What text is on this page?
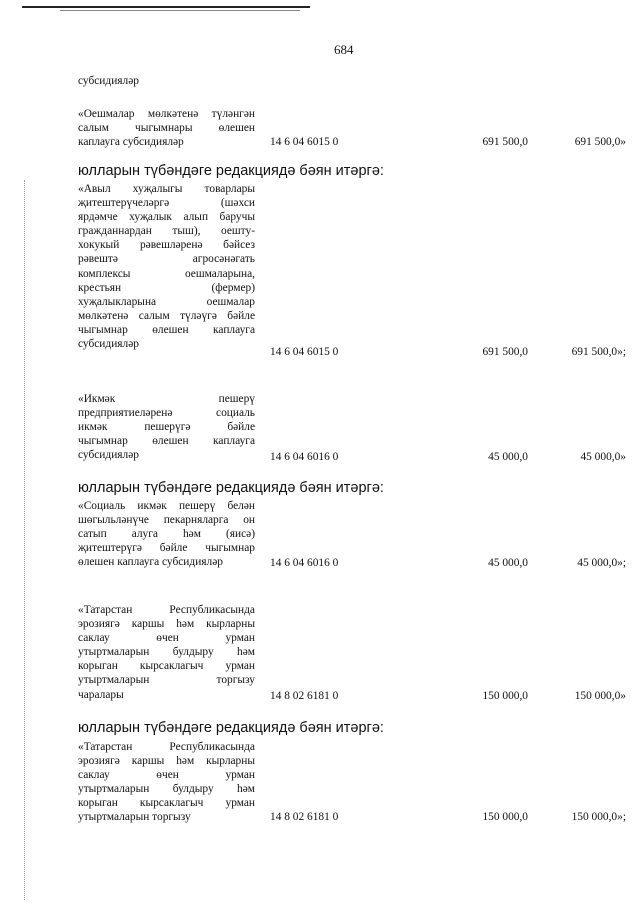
684
субсидияләр
«Оешмалар мөлкәтенә түләнгән
салым чыгымнары өлешен
каплауга субсидияләр	14 6 04 6015 0	691 500,0	691 500,0»
юлларын түбәндәге редакциядә бәян итәргә:
«Авыл хуҗалыгы товарлары
җитештерүчеләргә (шәхси
ярдәмче хуҗалык алып баручы
гражданнардан тыш), оешту-
хокукый рәвешләренә бәйсез
рәвештә агросәнәгать
комплексы оешмаларына,
крестьян (фермер)
хуҗалыкларына оешмалар
мөлкәтенә салым түләүгә бәйле
чыгымнар өлешен каплауга
субсидияләр
14 6 04 6015 0	691 500,0	691 500,0»;
«Икмәк пешерү
предприятиеләренә социаль
икмәк пешерүгә бәйле
чыгымнар өлешен каплауга
субсидияләр	14 6 04 6016 0	45 000,0	45 000,0»
юлларын түбәндәге редакциядә бәян итәргә:
«Социаль икмәк пешерү белән
шөгыльләнүче пекарняларга он
сатып алуга һәм (яисә)
җитештерүгә бәйле чыгымнар
өлешен каплауга субсидияләр	14 6 04 6016 0	45 000,0	45 000,0»;
«Татарстан Республикасында
эрозиягә каршы һәм кырларны
саклау өчен урман
утыртмаларын булдыру һәм
корыган кырсаклагыч урман
утыртмаларын торгызу
чаралары	14 8 02 6181 0	150 000,0	150 000,0»
юлларын түбәндәге редакциядә бәян итәргә:
«Татарстан Республикасында
эрозиягә каршы һәм кырларны
саклау өчен урман
утыртмаларын булдыру һәм
корыган кырсаклагыч урман
утыртмаларын торгызу	14 8 02 6181 0	150 000,0	150 000,0»;
